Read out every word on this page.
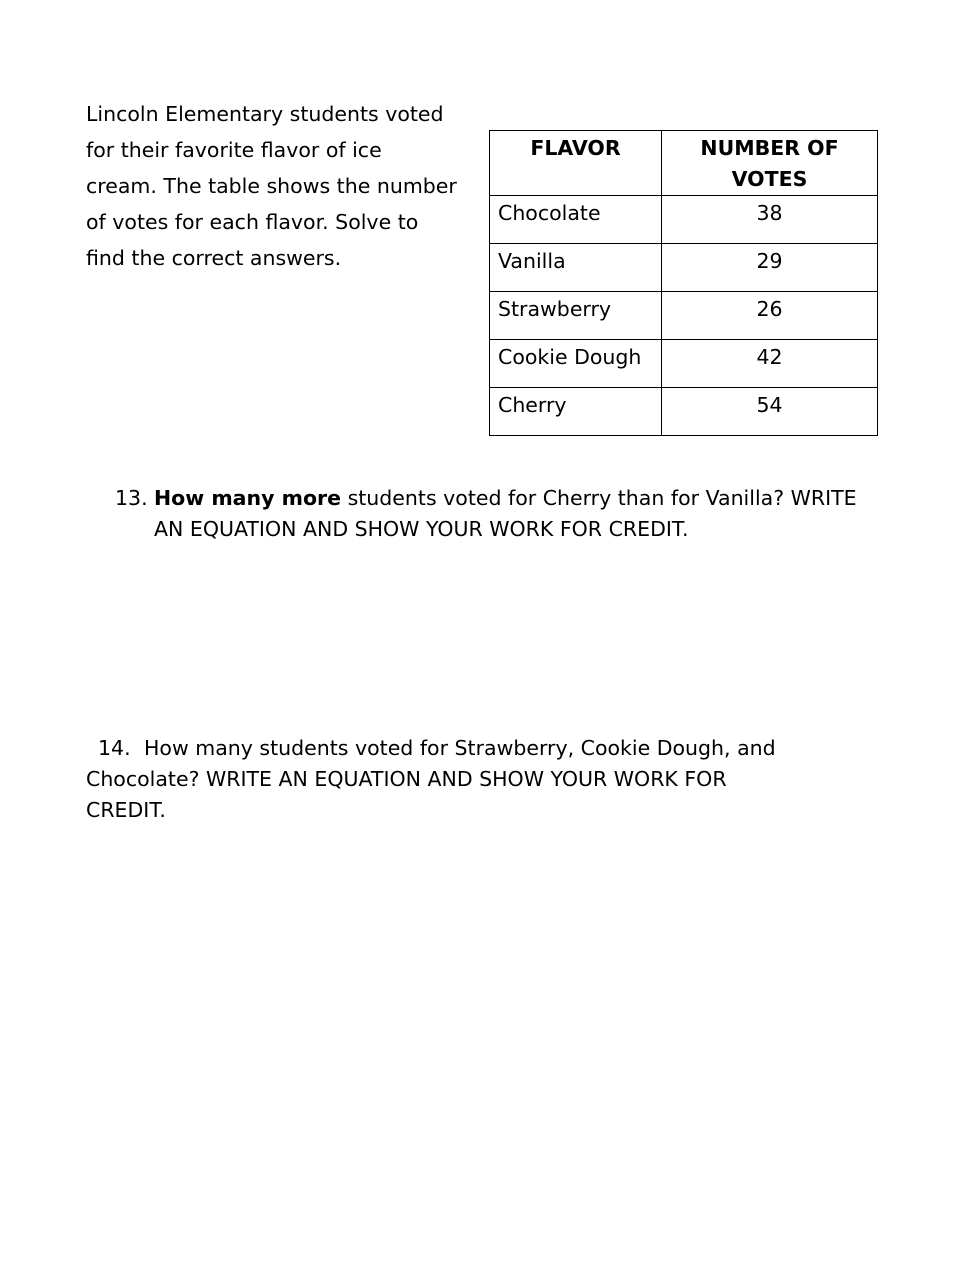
Lincoln Elementary students voted
for their favorite flavor of ice
cream. The table shows the number
of votes for each flavor. Solve to
find the correct answers.

FLAVOR	NUMBER OF
VOTES

Chocolate	38
Vanilla	29
Strawberry	26
Cookie Dough	42
Cherry	54

13. How many more students voted for Cherry than for Vanilla? WRITE
AN EQUATION AND SHOW YOUR WORK FOR CREDIT.

14. How many students voted for Strawberry, Cookie Dough, and
Chocolate? WRITE AN EQUATION AND SHOW YOUR WORK FOR
CREDIT.
